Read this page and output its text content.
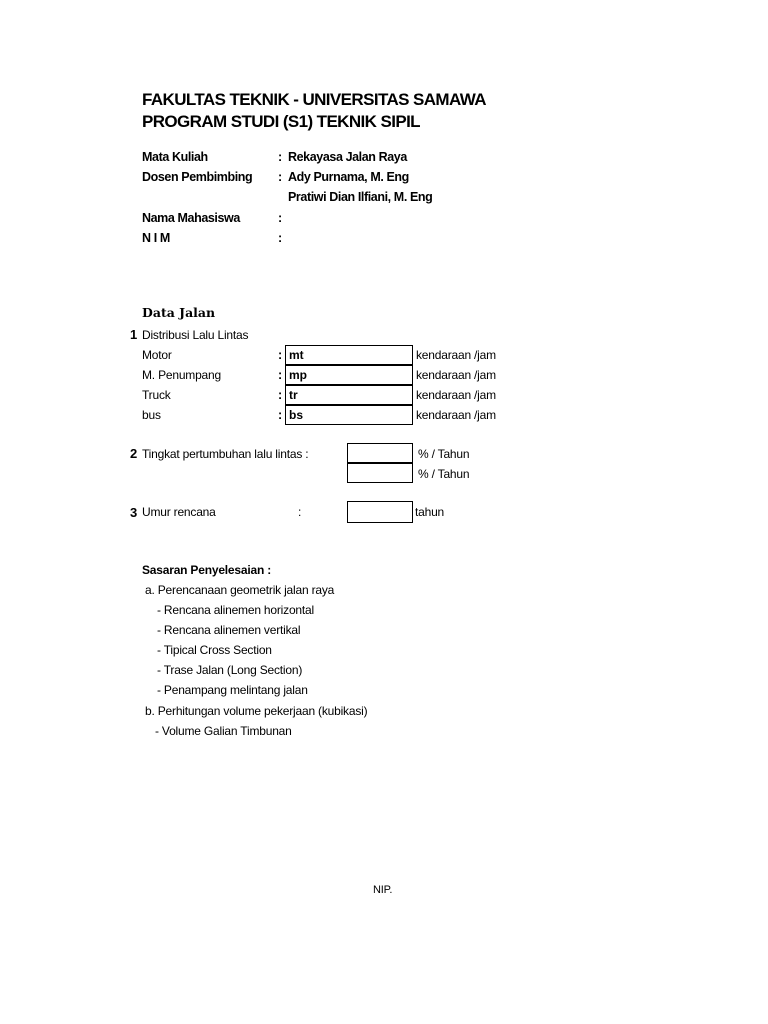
FAKULTAS TEKNIK - UNIVERSITAS SAMAWA
PROGRAM STUDI (S1) TEKNIK SIPIL
Mata Kuliah	: Rekayasa Jalan Raya
Dosen Pembimbing : Ady Purnama, M. Eng
Pratiwi Dian Ilfiani, M. Eng
Nama Mahasiswa	:
N I M	:
Data Jalan
1 Distribusi Lalu Lintas
Motor	: mt	kendaraan /jam
M. Penumpang	: mp	kendaraan /jam
Truck	: tr	kendaraan /jam
bus	: bs	kendaraan /jam
2 Tingkat pertumbuhan lalu lintas :	% / Tahun
% / Tahun
3 Umur rencana	:	tahun
Sasaran Penyelesaian :
a. Perencanaan geometrik jalan raya
- Rencana alinemen horizontal
- Rencana alinemen vertikal
- Tipical Cross Section
- Trase Jalan (Long Section)
- Penampang melintang jalan
b. Perhitungan volume pekerjaan (kubikasi)
- Volume Galian Timbunan
NIP.
